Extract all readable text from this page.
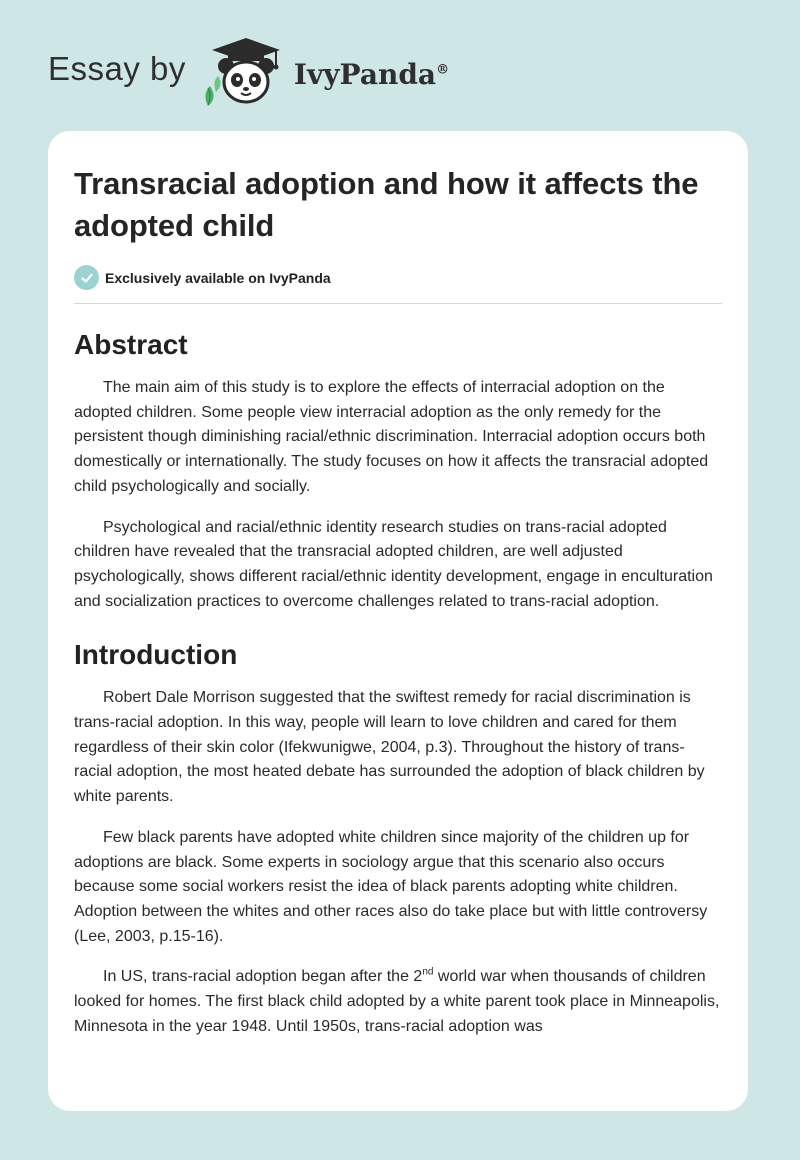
Essay by	IvyPanda®
Transracial adoption and how it affects the adopted child
Exclusively available on IvyPanda
Abstract

The main aim of this study is to explore the effects of interracial adoption on the adopted children. Some people view interracial adoption as the only remedy for the persistent though diminishing racial/ethnic discrimination. Interracial adoption occurs both domestically or internationally. The study focuses on how it affects the transracial adopted child psychologically and socially.

Psychological and racial/ethnic identity research studies on trans-racial adopted children have revealed that the transracial adopted children, are well adjusted psychologically, shows different racial/ethnic identity development, engage in enculturation and socialization practices to overcome challenges related to trans-racial adoption.

Introduction

Robert Dale Morrison suggested that the swiftest remedy for racial discrimination is trans-racial adoption. In this way, people will learn to love children and cared for them regardless of their skin color (Ifekwunigwe, 2004, p.3). Throughout the history of trans-racial adoption, the most heated debate has surrounded the adoption of black children by white parents.

Few black parents have adopted white children since majority of the children up for adoptions are black. Some experts in sociology argue that this scenario also occurs because some social workers resist the idea of black parents adopting white children. Adoption between the whites and other races also do take place but with little controversy (Lee, 2003, p.15-16).

In US, trans-racial adoption began after the 2nd world war when thousands of children looked for homes. The first black child adopted by a white parent took place in Minneapolis, Minnesota in the year 1948. Until 1950s, trans-racial adoption was
